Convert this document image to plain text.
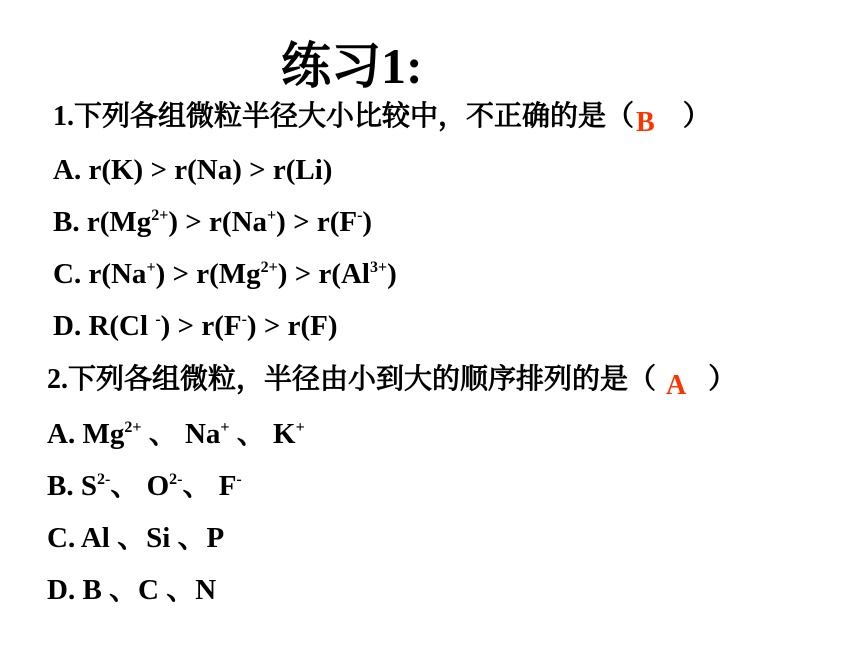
练习1:
1.下列各组微粒半径大小比较中，不正确的是（B ）
A. r(K) > r(Na) > r(Li)
B. $r(Mg^{2+}) > r(Na^+) > r(F^-)$
C. $r(Na^+) > r(Mg^{2+}) > r(Al^{3+})$
D. R(Cl -) > r(F-) > r(F)
2.下列各组微粒，半径由小到大的顺序排列的是（ A ）
A. $Mg^{2+}$ 、 Na+ 、 K+
B. $S^{2-}$、 $O^{2-}$、 F-
C. Al 、Si 、P
D. B 、C 、N
